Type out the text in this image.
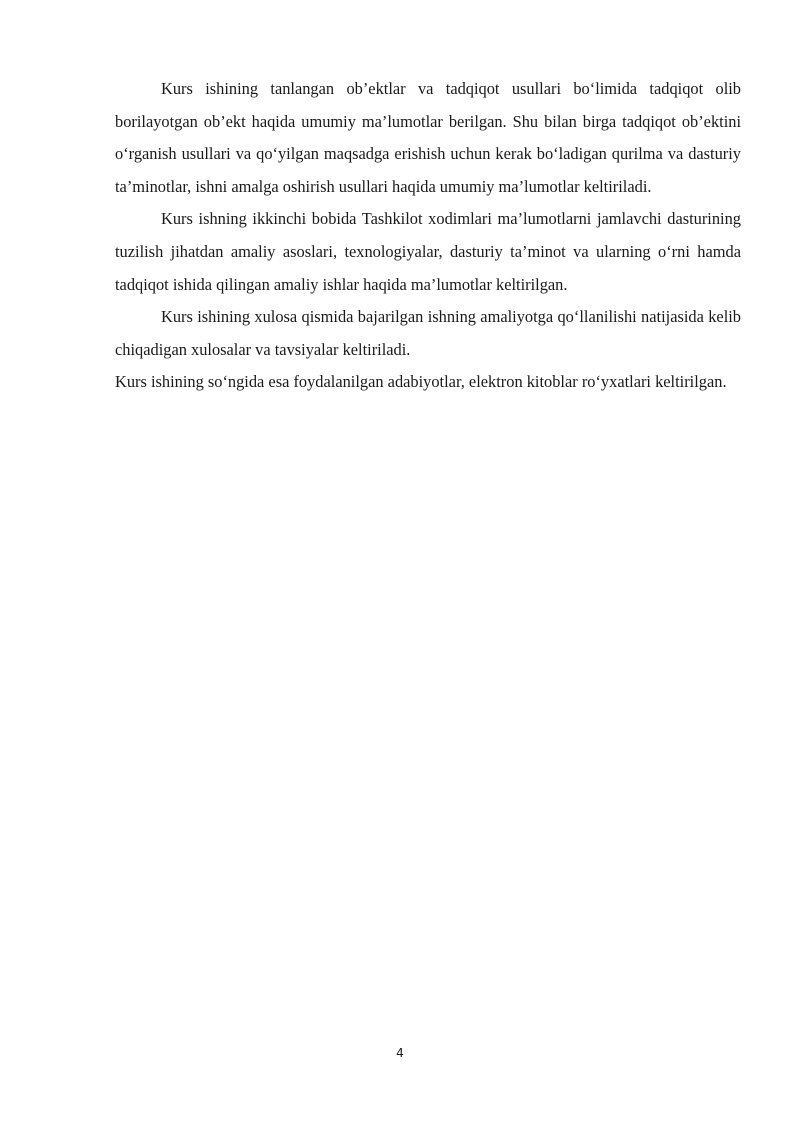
Kurs ishining tanlangan ob’ektlar va tadqiqot usullari bo‘limida tadqiqot olib borilayotgan ob’ekt haqida umumiy ma’lumotlar berilgan. Shu bilan birga tadqiqot ob’ektini o‘rganish usullari va qo‘yilgan maqsadga erishish uchun kerak bo‘ladigan qurilma va dasturiy ta’minotlar, ishni amalga oshirish usullari haqida umumiy ma’lumotlar keltiriladi.

Kurs ishning ikkinchi bobida Tashkilot xodimlari ma’lumotlarni jamlavchi dasturining tuzilish jihatdan amaliy asoslari, texnologiyalar, dasturiy ta’minot va ularning o‘rni hamda tadqiqot ishida qilingan amaliy ishlar haqida ma’lumotlar keltirilgan.

Kurs ishining xulosa qismida bajarilgan ishning amaliyotga qo‘llanilishi natijasida kelib chiqadigan xulosalar va tavsiyalar keltiriladi.

Kurs ishining so‘ngida esa foydalanilgan adabiyotlar, elektron kitoblar ro‘yxatlari keltirilgan.

4
